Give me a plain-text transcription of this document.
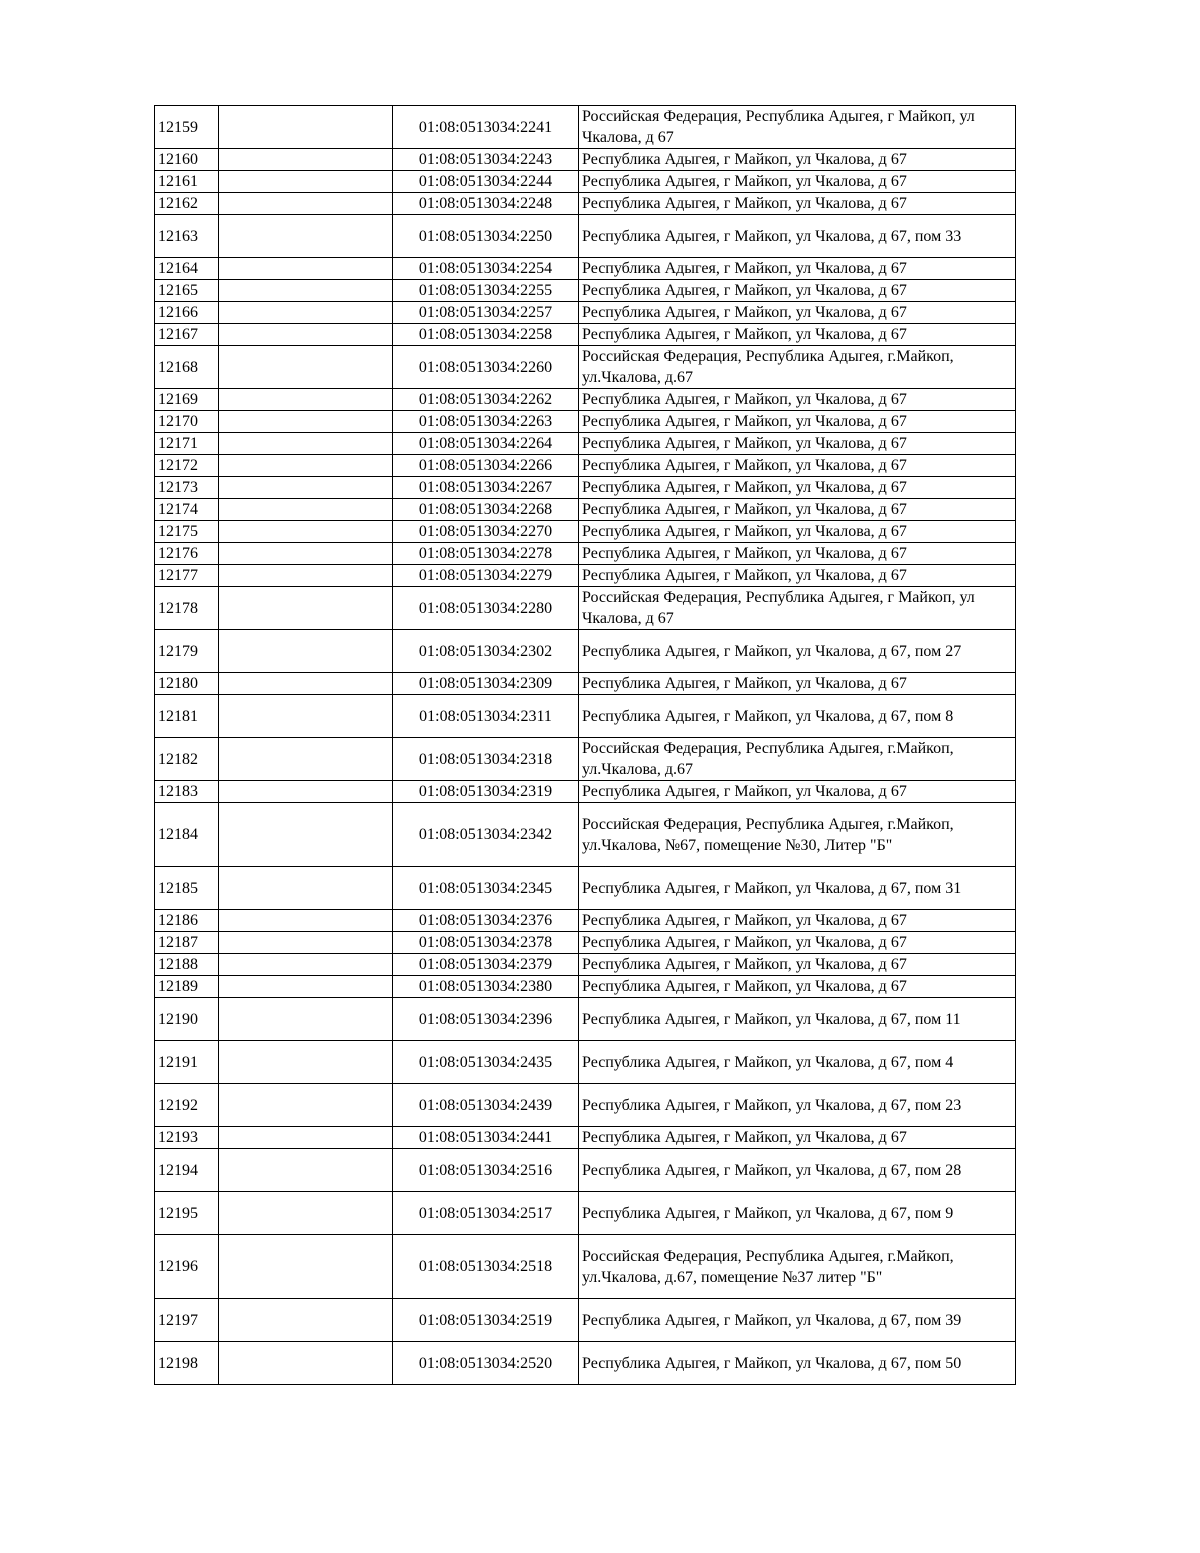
12159		01:08:0513034:2241	Российская Федерация, Республика Адыгея, г Майкоп, ул Чкалова, д 67
12160		01:08:0513034:2243	Республика Адыгея, г Майкоп, ул Чкалова, д 67
12161		01:08:0513034:2244	Республика Адыгея, г Майкоп, ул Чкалова, д 67
12162		01:08:0513034:2248	Республика Адыгея, г Майкоп, ул Чкалова, д 67
12163		01:08:0513034:2250	Республика Адыгея, г Майкоп, ул Чкалова, д 67, пом 33
12164		01:08:0513034:2254	Республика Адыгея, г Майкоп, ул Чкалова, д 67
12165		01:08:0513034:2255	Республика Адыгея, г Майкоп, ул Чкалова, д 67
12166		01:08:0513034:2257	Республика Адыгея, г Майкоп, ул Чкалова, д 67
12167		01:08:0513034:2258	Республика Адыгея, г Майкоп, ул Чкалова, д 67
12168		01:08:0513034:2260	Российская Федерация, Республика Адыгея, г.Майкоп, ул.Чкалова, д.67
12169		01:08:0513034:2262	Республика Адыгея, г Майкоп, ул Чкалова, д 67
12170		01:08:0513034:2263	Республика Адыгея, г Майкоп, ул Чкалова, д 67
12171		01:08:0513034:2264	Республика Адыгея, г Майкоп, ул Чкалова, д 67
12172		01:08:0513034:2266	Республика Адыгея, г Майкоп, ул Чкалова, д 67
12173		01:08:0513034:2267	Республика Адыгея, г Майкоп, ул Чкалова, д 67
12174		01:08:0513034:2268	Республика Адыгея, г Майкоп, ул Чкалова, д 67
12175		01:08:0513034:2270	Республика Адыгея, г Майкоп, ул Чкалова, д 67
12176		01:08:0513034:2278	Республика Адыгея, г Майкоп, ул Чкалова, д 67
12177		01:08:0513034:2279	Республика Адыгея, г Майкоп, ул Чкалова, д 67
12178		01:08:0513034:2280	Российская Федерация, Республика Адыгея, г Майкоп, ул Чкалова, д 67
12179		01:08:0513034:2302	Республика Адыгея, г Майкоп, ул Чкалова, д 67, пом 27
12180		01:08:0513034:2309	Республика Адыгея, г Майкоп, ул Чкалова, д 67
12181		01:08:0513034:2311	Республика Адыгея, г Майкоп, ул Чкалова, д 67, пом 8
12182		01:08:0513034:2318	Российская Федерация, Республика Адыгея, г.Майкоп, ул.Чкалова, д.67
12183		01:08:0513034:2319	Республика Адыгея, г Майкоп, ул Чкалова, д 67
12184		01:08:0513034:2342	Российская Федерация, Республика Адыгея, г.Майкоп, ул.Чкалова, №67, помещение №30, Литер "Б"
12185		01:08:0513034:2345	Республика Адыгея, г Майкоп, ул Чкалова, д 67, пом 31
12186		01:08:0513034:2376	Республика Адыгея, г Майкоп, ул Чкалова, д 67
12187		01:08:0513034:2378	Республика Адыгея, г Майкоп, ул Чкалова, д 67
12188		01:08:0513034:2379	Республика Адыгея, г Майкоп, ул Чкалова, д 67
12189		01:08:0513034:2380	Республика Адыгея, г Майкоп, ул Чкалова, д 67
12190		01:08:0513034:2396	Республика Адыгея, г Майкоп, ул Чкалова, д 67, пом 11
12191		01:08:0513034:2435	Республика Адыгея, г Майкоп, ул Чкалова, д 67, пом 4
12192		01:08:0513034:2439	Республика Адыгея, г Майкоп, ул Чкалова, д 67, пом 23
12193		01:08:0513034:2441	Республика Адыгея, г Майкоп, ул Чкалова, д 67
12194		01:08:0513034:2516	Республика Адыгея, г Майкоп, ул Чкалова, д 67, пом 28
12195		01:08:0513034:2517	Республика Адыгея, г Майкоп, ул Чкалова, д 67, пом 9
12196		01:08:0513034:2518	Российская Федерация, Республика Адыгея, г.Майкоп, ул.Чкалова, д.67, помещение №37 литер "Б"
12197		01:08:0513034:2519	Республика Адыгея, г Майкоп, ул Чкалова, д 67, пом 39
12198		01:08:0513034:2520	Республика Адыгея, г Майкоп, ул Чкалова, д 67, пом 50
